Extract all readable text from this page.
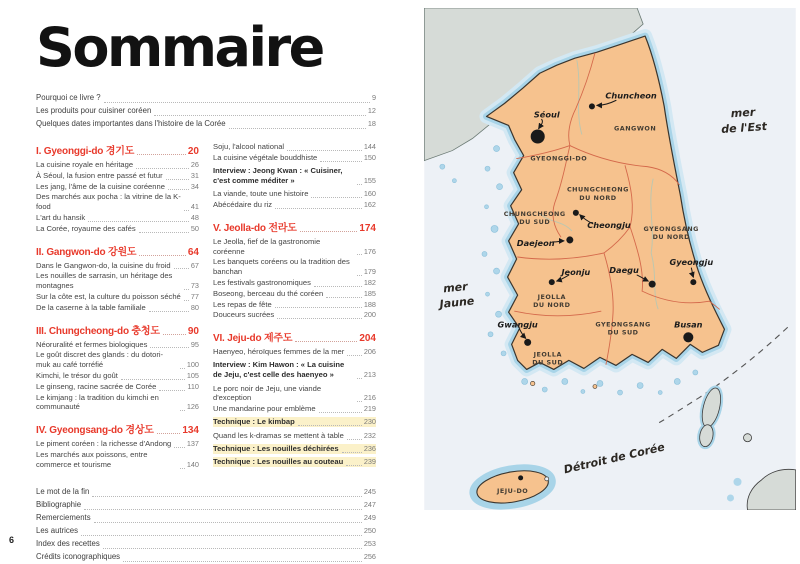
Sommaire
Pourquoi ce livre ?	9
Les produits pour cuisiner coréen	12
Quelques dates importantes dans l'histoire de la Corée	18
I. Gyeonggi-do 경기도	20
La cuisine royale en héritage	26
À Séoul, la fusion entre passé et futur	31
Les jang, l'âme de la cuisine coréenne	34
Des marchés aux pocha : la vitrine de la K-food	41
L'art du hansik	48
La Corée, royaume des cafés	50
II. Gangwon-do 강원도	64
Dans le Gangwon-do, la cuisine du froid	67
Les nouilles de sarrasin, un héritage des montagnes	73
Sur la côte est, la culture du poisson séché 77
De la caserne à la table familiale	80
III. Chungcheong-do 충청도	90
Néoruralité et fermes biologiques	95
Le goût discret des glands : du dotori-muk au café torréfié	100
Kimchi, le trésor du goût	105
Le ginseng, racine sacrée de Corée	110
Le kimjang : la tradition du kimchi en communauté	126
IV. Gyeongsang-do 경상도	134
Le piment coréen : la richesse d'Andong 137
Les marchés aux poissons, entre commerce et tourisme	140
Soju, l'alcool national	144
La cuisine végétale bouddhiste	150
Interview : Jeong Kwan : « Cuisiner, c'est comme méditer »	155
La viande, toute une histoire	160
Abécédaire du riz	162
V. Jeolla-do 전라도	174
Le Jeolla, fief de la gastronomie coréenne	176
Les banquets coréens ou la tradition des banchan	179
Les festivals gastronomiques	182
Boseong, berceau du thé coréen	185
Les repas de fête	188
Douceurs sucrées	200
VI. Jeju-do 제주도	204
Haenyeo, héroïques femmes de la mer	206
Interview : Kim Hawon : « La cuisine de Jeju, c'est celle des haenyeo »	213
Le porc noir de Jeju, une viande d'exception	216
Une mandarine pour emblème	219
Technique : Le kimbap	230
Quand les k-dramas se mettent à table	232
Technique : Les nouilles déchirées	236
Technique : Les nouilles au couteau	239
Le mot de la fin	245
Bibliographie	247
Remerciements	249
Les autrices	250
Index des recettes	253
Crédits iconographiques	256
6
Séoul
Chuncheon
Cheongju
Daejeon
Jeonju Daegu
Gyeongju
Gwangju	Busan
GYEONGGI-DO
GANGWON
CHUNGCHEONG DU NORD
CHUNGCHEONG DU SUD
GYEONGSANG DU NORD
GYEONGSANG DU SUD
JEOLLA DU NORD
JEOLLA DU SUD
JEJU-DO
merde l'Est
merJaune
Détroit de Corée
